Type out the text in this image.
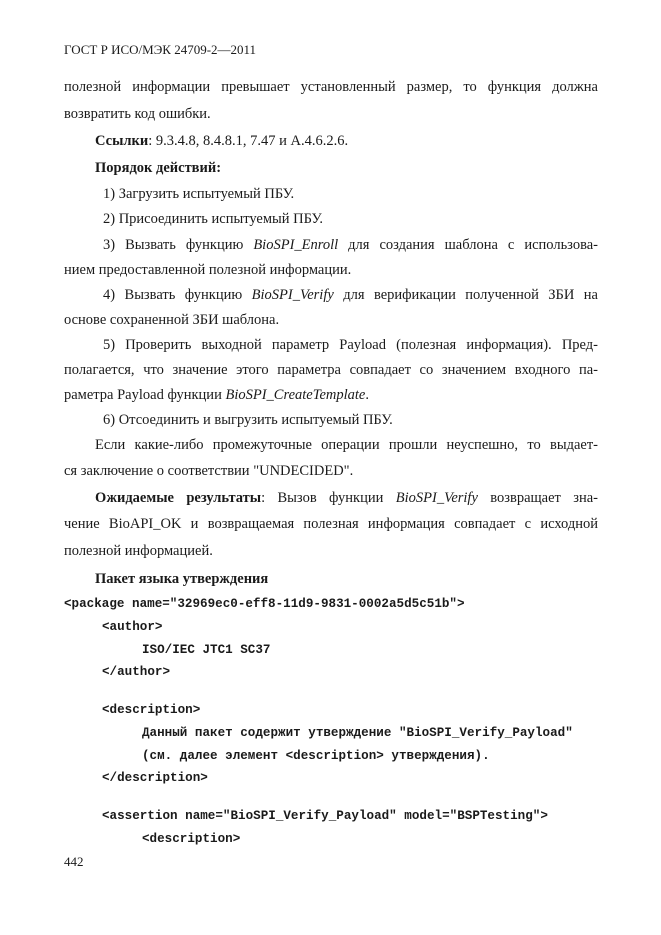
ГОСТ Р ИСО/МЭК 24709-2—2011
полезной информации превышает установленный размер, то функция должна
возвратить код ошибки.
Ссылки: 9.3.4.8, 8.4.8.1, 7.47 и А.4.6.2.6.
Порядок действий:
1) Загрузить испытуемый ПБУ.
2) Присоединить испытуемый ПБУ.
3) Вызвать функцию BioSPI_Enroll для создания шаблона с использова-
нием предоставленной полезной информации.
4) Вызвать функцию BioSPI_Verify для верификации полученной ЗБИ на
основе сохраненной ЗБИ шаблона.
5) Проверить выходной параметр Payload (полезная информация). Пред-
полагается, что значение этого параметра совпадает со значением входного па-
раметра Payload функции BioSPI_CreateTemplate.
6) Отсоединить и выгрузить испытуемый ПБУ.
Если какие-либо промежуточные операции прошли неуспешно, то выдает-
ся заключение о соответствии "UNDECIDED".
Ожидаемые результаты: Вызов функции BioSPI_Verify возвращает зна-
чение BioAPI_OK и возвращаемая полезная информация совпадает с исходной
полезной информацией.
Пакет языка утверждения
<package name="32969ec0-eff8-11d9-9831-0002a5d5c51b">
<author>
ISO/IEC JTC1 SC37
</author>
<description>
Данный пакет содержит утверждение "BioSPI_Verify_Payload"
(см. далее элемент <description> утверждения).
</description>
<assertion name="BioSPI_Verify_Payload" model="BSPTesting">
<description>
442
